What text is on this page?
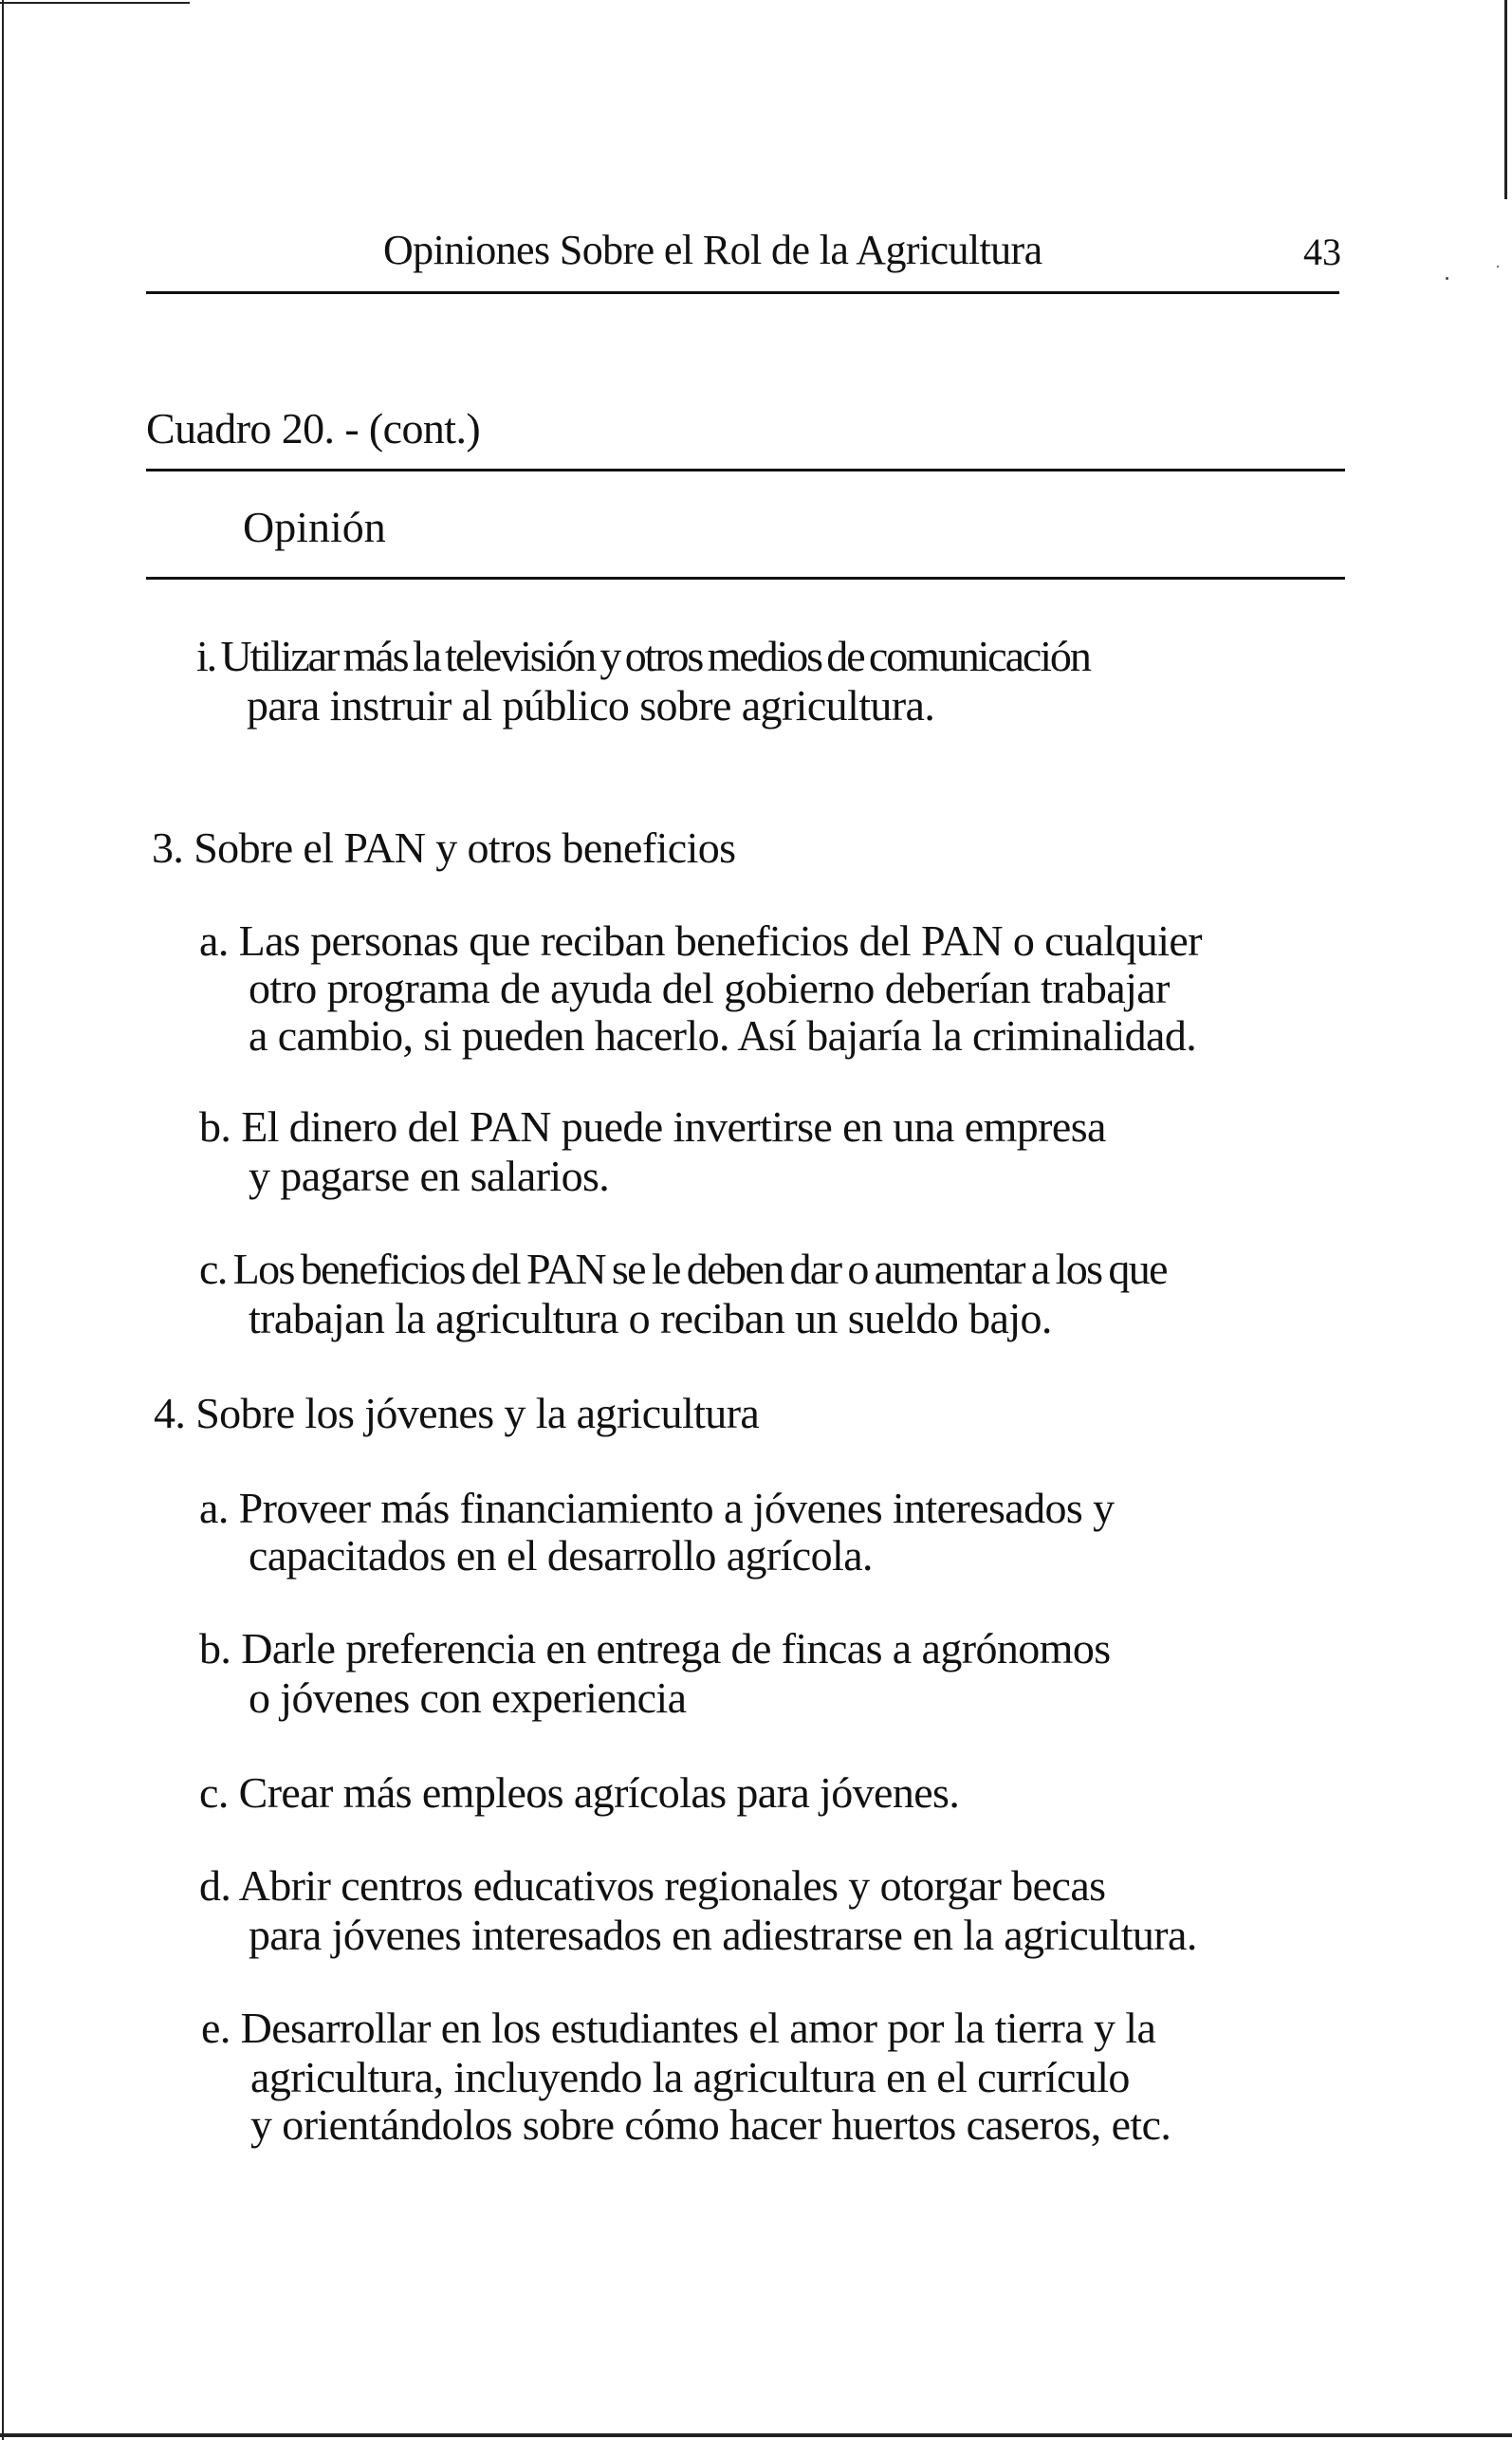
Opiniones Sobre el Rol de la Agricultura	43
Cuadro 20. - (cont.)
Opinión
i. Utilizar más la televisión y otros medios de comunicación
para instruir al público sobre agricultura.
3. Sobre el PAN y otros beneficios
a. Las personas que reciban beneficios del PAN o cualquier
otro programa de ayuda del gobierno deberían trabajar
a cambio, si pueden hacerlo. Así bajaría la criminalidad.
b. El dinero del PAN puede invertirse en una empresa
y pagarse en salarios.
c. Los beneficios del PAN se le deben dar o aumentar a los que
trabajan la agricultura o reciban un sueldo bajo.
4. Sobre los jóvenes y la agricultura
a. Proveer más financiamiento a jóvenes interesados y
capacitados en el desarrollo agrícola.
b. Darle preferencia en entrega de fincas a agrónomos
o jóvenes con experiencia
c. Crear más empleos agrícolas para jóvenes.
d. Abrir centros educativos regionales y otorgar becas
para jóvenes interesados en adiestrarse en la agricultura.
e. Desarrollar en los estudiantes el amor por la tierra y la
agricultura, incluyendo la agricultura en el currículo
y orientándolos sobre cómo hacer huertos caseros, etc.
